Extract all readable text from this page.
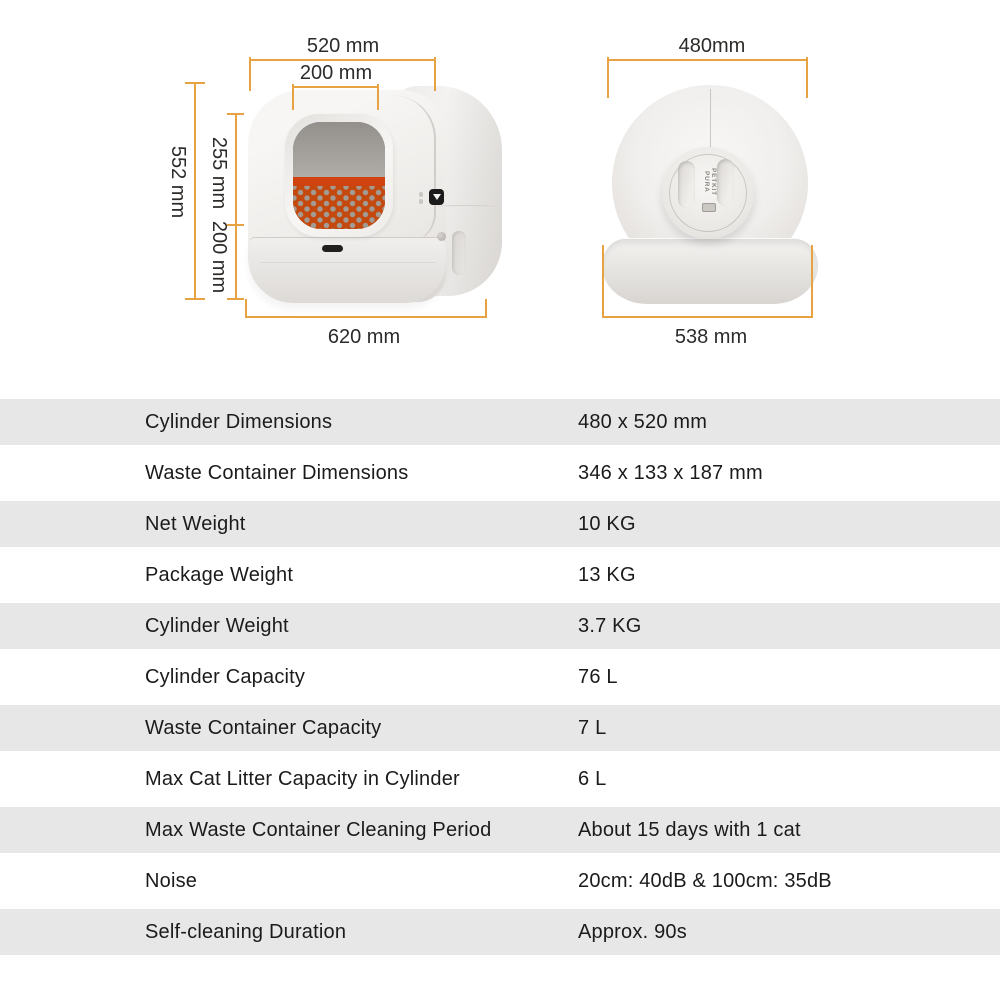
520 mm
200 mm
552 mm 255 mm
200 mm
620 mm
PETKIT PURA
480mm
538 mm
Cylinder Dimensions	480 x 520 mm
Waste Container Dimensions	346 x 133 x 187 mm
Net Weight	10 KG
Package Weight	13 KG
Cylinder Weight	3.7 KG
Cylinder Capacity	76 L
Waste Container Capacity	7 L
Max Cat Litter Capacity in Cylinder	6 L
Max Waste Container Cleaning Period	About 15 days with 1 cat
Noise	20cm: 40dB & 100cm: 35dB
Self-cleaning Duration	Approx. 90s
